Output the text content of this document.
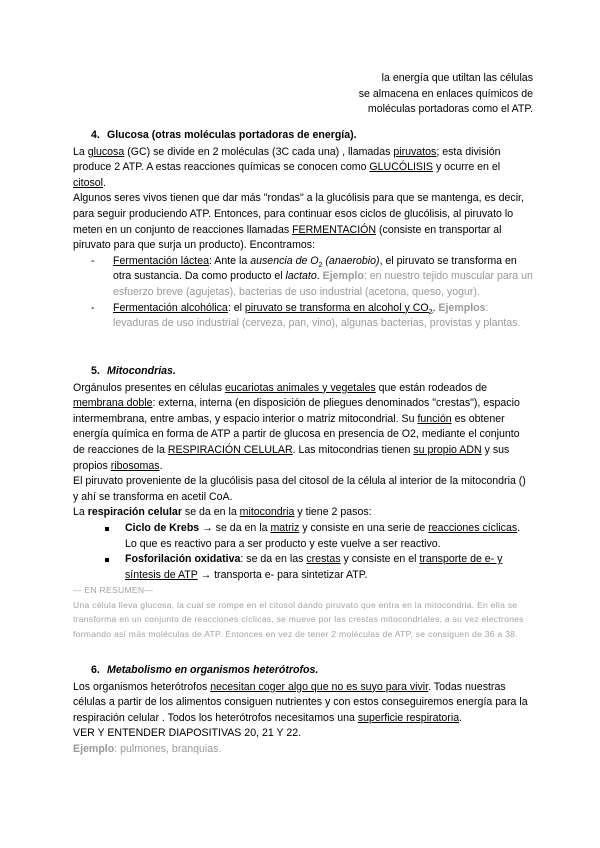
la energía que utiltan las células
se almacena en enlaces químicos de
moléculas portadoras como el ATP.

4. Glucosa (otras moléculas portadoras de energía).

La glucosa (GC) se divide en 2 moléculas (3C cada una) , llamadas piruvatos; esta división produce 2 ATP. A estas reacciones químicas se conocen como GLUCÓLISIS y ocurre en el citosol.

Algunos seres vivos tienen que dar más "rondas" a la glucólisis para que se mantenga, es decir, para seguir produciendo ATP. Entonces, para continuar esos ciclos de glucólisis, al piruvato lo meten en un conjunto de reacciones llamadas FERMENTACIÓN (consiste en transportar al piruvato para que surja un producto). Encontramos:

- Fermentación láctea: Ante la ausencia de $O_2$ (anaerobio), el piruvato se transforma en otra sustancia. Da como producto el lactato. Ejemplo: en nuestro tejido muscular para un esfuerzo breve (agujetas), bacterias de uso industrial (acetona, queso, yogur).
- Fermentación alcohólica: el piruvato se transforma en alcohol y $CO_2$. Ejemplos: levaduras de uso industrial (cerveza, pan, vino), algunas bacterias, provistas y plantas.

5. Mitocondrias.

Orgánulos presentes en células eucariotas animales y vegetales que están rodeados de membrana doble: externa, interna (en disposición de pliegues denominados "crestas"), espacio intermembrana, entre ambas, y espacio interior o matriz mitocondrial. Su función es obtener energía química en forma de ATP a partir de glucosa en presencia de O2, mediante el conjunto de reacciones de la RESPIRACIÓN CELULAR. Las mitocondrias tienen su propio ADN y sus propios ribosomas.

El piruvato proveniente de la glucólisis pasa del citosol de la célula al interior de la mitocondria () y ahí se transforma en acetil CoA.

La respiración celular se da en la mitocondria y tiene 2 pasos:

Ciclo de Krebs → se da en la matriz y consiste en una serie de reacciones cíclicas. Lo que es reactivo para a ser producto y este vuelve a ser reactivo.
Fosforilación oxidativa: se da en las crestas y consiste en el transporte de e- y síntesis de ATP → transporta e- para sintetizar ATP.

— EN RESUMEN—

Una célula lleva glucosa, la cual se rompe en el citosol dando piruvato que entra en la mitocondria. En ella se transforma en un conjunto de reacciones cíclicas, se mueve por las crestas mitocondriales, a su vez electrones formando así más moléculas de ATP. Entonces en vez de tener 2 moléculas de ATP, se consiguen de 36 a 38.

6. Metabolismo en organismos heterótrofos.

Los organismos heterótrofos necesitan coger algo que no es suyo para vivir. Todas nuestras células a partir de los alimentos consiguen nutrientes y con estos conseguiremos energía para la respiración celular . Todos los heterótrofos necesitamos una superficie respiratoria.

VER Y ENTENDER DIAPOSITIVAS 20, 21 Y 22.

Ejemplo: pulmones, branquias.
